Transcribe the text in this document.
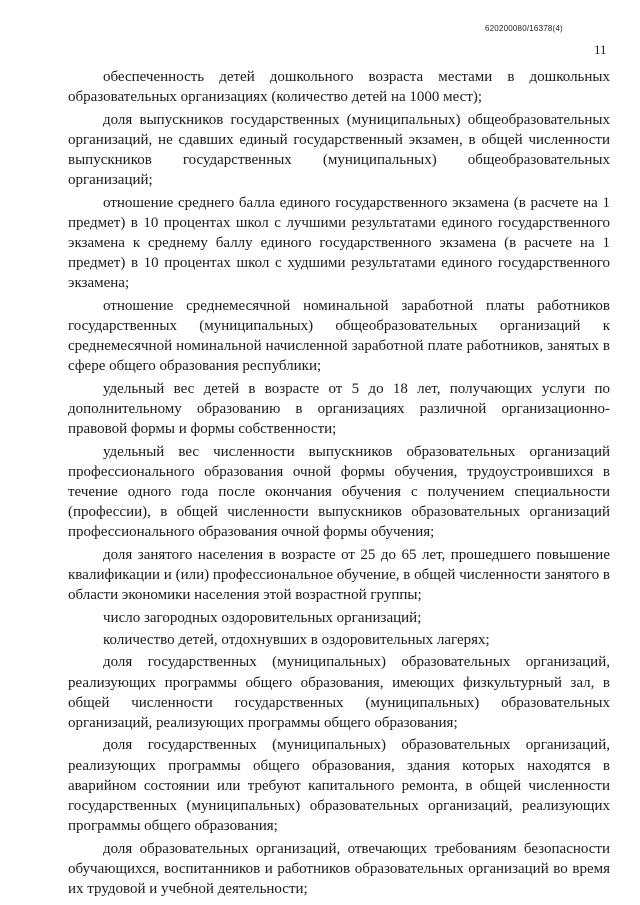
620200080/16378(4)
11

обеспеченность детей дошкольного возраста местами в дошкольных образовательных организациях (количество детей на 1000 мест);

доля выпускников государственных (муниципальных) общеобразовательных организаций, не сдавших единый государственный экзамен, в общей численности выпускников государственных (муниципальных) общеобразовательных организаций;

отношение среднего балла единого государственного экзамена (в расчете на 1 предмет) в 10 процентах школ с лучшими результатами единого государственного экзамена к среднему баллу единого государственного экзамена (в расчете на 1 предмет) в 10 процентах школ с худшими результатами единого государственного экзамена;

отношение среднемесячной номинальной заработной платы работников государственных (муниципальных) общеобразовательных организаций к среднемесячной номинальной начисленной заработной плате работников, занятых в сфере общего образования республики;

удельный вес детей в возрасте от 5 до 18 лет, получающих услуги по дополнительному образованию в организациях различной организационно-правовой формы и формы собственности;

удельный вес численности выпускников образовательных организаций профессионального образования очной формы обучения, трудоустроившихся в течение одного года после окончания обучения с получением специальности (профессии), в общей численности выпускников образовательных организаций профессионального образования очной формы обучения;

доля занятого населения в возрасте от 25 до 65 лет, прошедшего повышение квалификации и (или) профессиональное обучение, в общей численности занятого в области экономики населения этой возрастной группы;

число загородных оздоровительных организаций;

количество детей, отдохнувших в оздоровительных лагерях;

доля государственных (муниципальных) образовательных организаций, реализующих программы общего образования, имеющих физкультурный зал, в общей численности государственных (муниципальных) образовательных организаций, реализующих программы общего образования;

доля государственных (муниципальных) образовательных организаций, реализующих программы общего образования, здания которых находятся в аварийном состоянии или требуют капитального ремонта, в общей численности государственных (муниципальных) образовательных организаций, реализующих программы общего образования;

доля образовательных организаций, отвечающих требованиям безопасности обучающихся, воспитанников и работников образовательных организаций во время их трудовой и учебной деятельности;
